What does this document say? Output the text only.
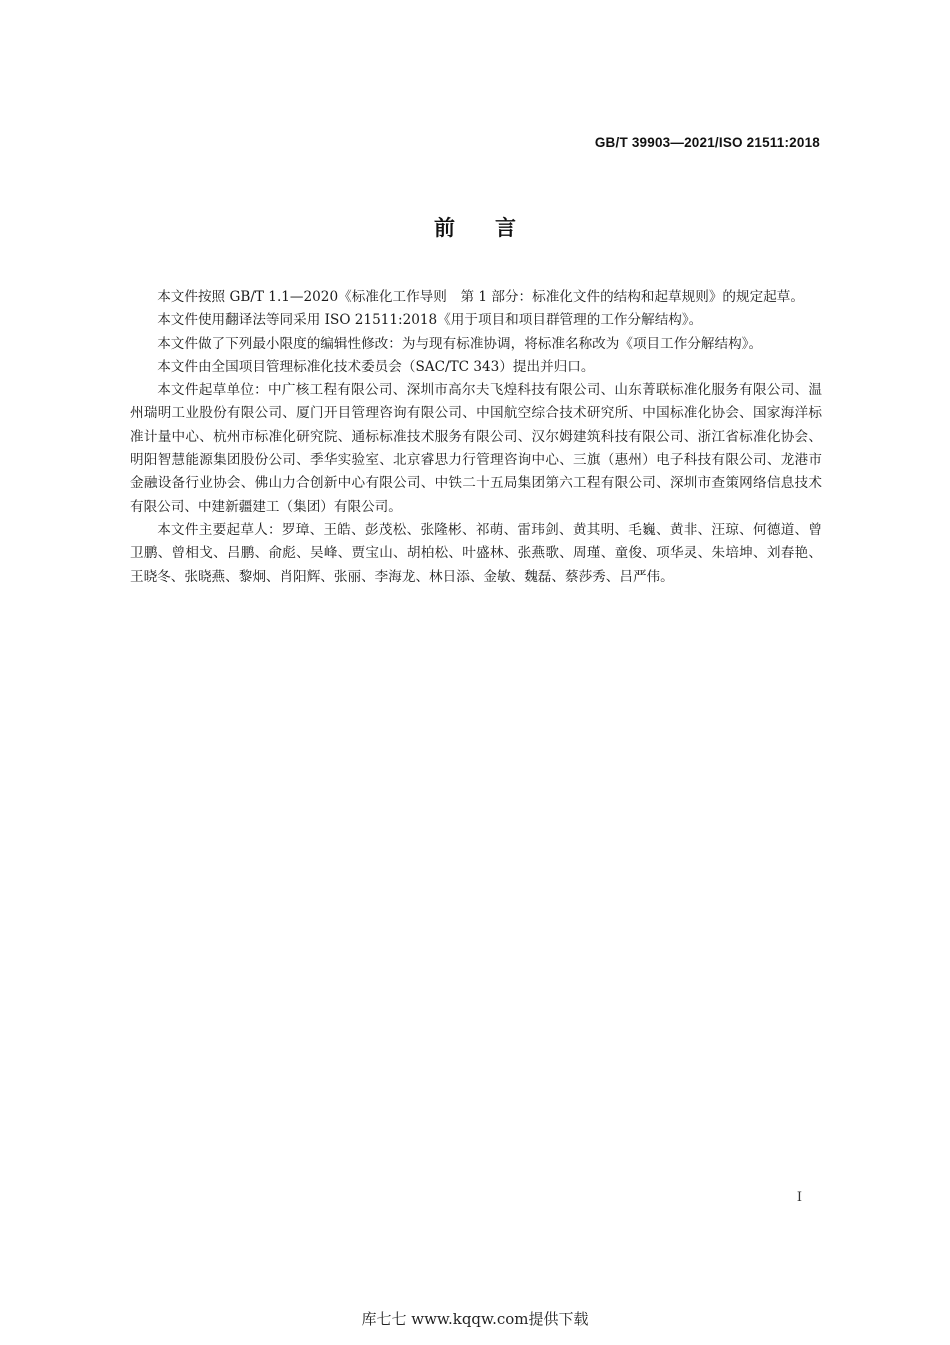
GB/T 39903—2021/ISO 21511:2018
前言

本文件按照 GB/T 1.1—2020《标准化工作导则　第 1 部分：标准化文件的结构和起草规则》的规定起草。

本文件使用翻译法等同采用 ISO 21511:2018《用于项目和项目群管理的工作分解结构》。

本文件做了下列最小限度的编辑性修改：为与现有标准协调，将标准名称改为《项目工作分解结构》。

本文件由全国项目管理标准化技术委员会（SAC/TC 343）提出并归口。

本文件起草单位：中广核工程有限公司、深圳市高尔夫飞煌科技有限公司、山东菁联标准化服务有限公司、温州瑞明工业股份有限公司、厦门开目管理咨询有限公司、中国航空综合技术研究所、中国标准化协会、国家海洋标准计量中心、杭州市标准化研究院、通标标准技术服务有限公司、汉尔姆建筑科技有限公司、浙江省标准化协会、明阳智慧能源集团股份公司、季华实验室、北京睿思力行管理咨询中心、三旗（惠州）电子科技有限公司、龙港市金融设备行业协会、佛山力合创新中心有限公司、中铁二十五局集团第六工程有限公司、深圳市查策网络信息技术有限公司、中建新疆建工（集团）有限公司。

本文件主要起草人：罗璋、王皓、彭茂松、张隆彬、祁萌、雷玮剑、黄其明、毛巍、黄非、汪琼、何德道、曾卫鹏、曾相戈、吕鹏、俞彪、吴峰、贾宝山、胡柏松、叶盛林、张燕歌、周瑾、童俊、项华灵、朱培坤、刘春艳、王晓冬、张晓燕、黎炯、肖阳辉、张丽、李海龙、林日添、金敏、魏磊、蔡莎秀、吕严伟。

I
库七七 www.kqqw.com提供下载
